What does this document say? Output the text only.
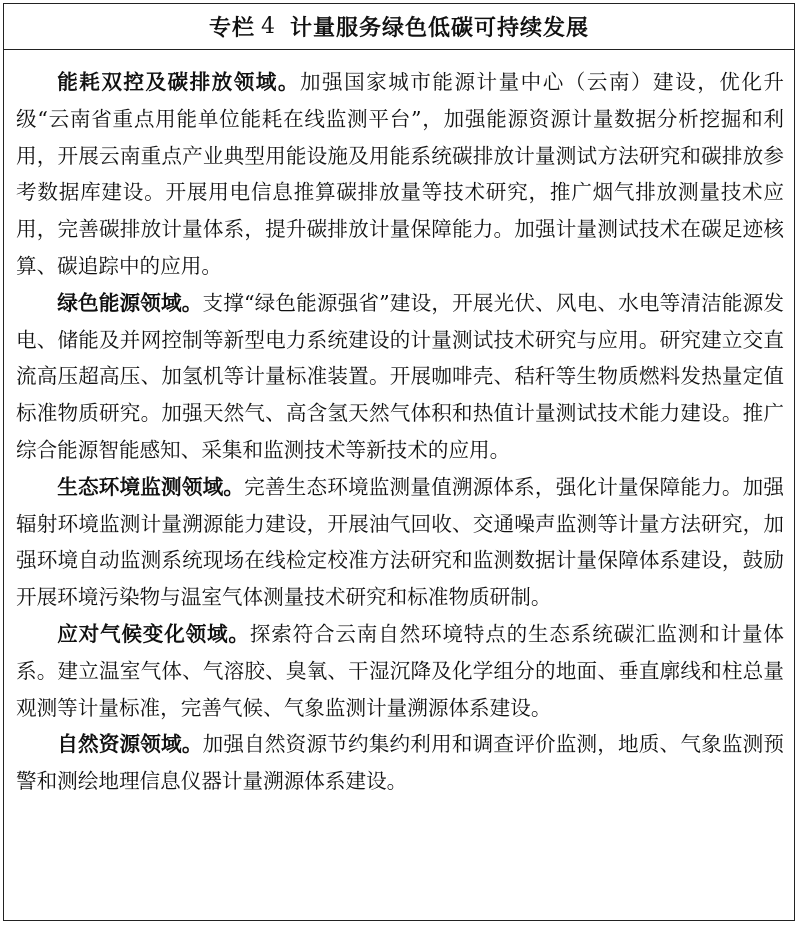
专栏 4 计量服务绿色低碳可持续发展

能耗双控及碳排放领域。加强国家城市能源计量中心（云南）建设，优化升级“云南省重点用能单位能耗在线监测平台”，加强能源资源计量数据分析挖掘和利用，开展云南重点产业典型用能设施及用能系统碳排放计量测试方法研究和碳排放参考数据库建设。开展用电信息推算碳排放量等技术研究，推广烟气排放测量技术应用，完善碳排放计量体系，提升碳排放计量保障能力。加强计量测试技术在碳足迹核算、碳追踪中的应用。

绿色能源领域。支撑“绿色能源强省”建设，开展光伏、风电、水电等清洁能源发电、储能及并网控制等新型电力系统建设的计量测试技术研究与应用。研究建立交直流高压超高压、加氢机等计量标准装置。开展咖啡壳、秸秆等生物质燃料发热量定值标准物质研究。加强天然气、高含氢天然气体积和热值计量测试技术能力建设。推广综合能源智能感知、采集和监测技术等新技术的应用。

生态环境监测领域。完善生态环境监测量值溯源体系，强化计量保障能力。加强辐射环境监测计量溯源能力建设，开展油气回收、交通噪声监测等计量方法研究，加强环境自动监测系统现场在线检定校准方法研究和监测数据计量保障体系建设，鼓励开展环境污染物与温室气体测量技术研究和标准物质研制。

应对气候变化领域。探索符合云南自然环境特点的生态系统碳汇监测和计量体系。建立温室气体、气溶胶、臭氧、干湿沉降及化学组分的地面、垂直廓线和柱总量观测等计量标准，完善气候、气象监测计量溯源体系建设。

自然资源领域。加强自然资源节约集约利用和调查评价监测，地质、气象监测预警和测绘地理信息仪器计量溯源体系建设。
